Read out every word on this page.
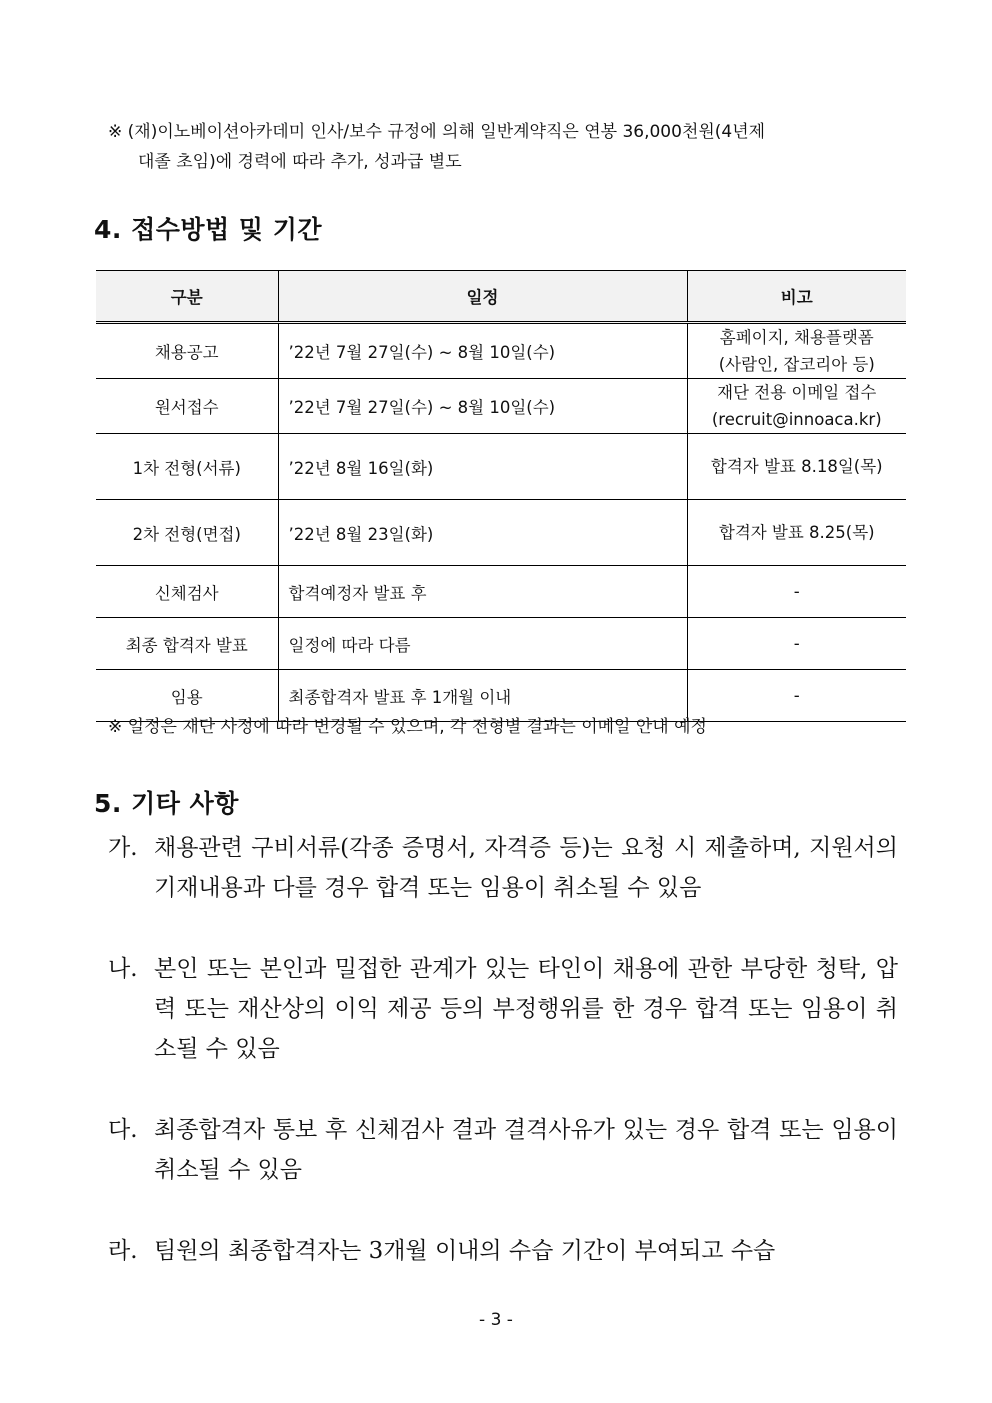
※ (재)이노베이션아카데미 인사/보수 규정에 의해 일반계약직은 연봉 36,000천원(4년제
대졸 초임)에 경력에 따라 추가, 성과급 별도
4. 접수방법 및 기간
구분	일정	비고
채용공고	’22년 7월 27일(수) ~ 8월 10일(수)	홈페이지, 채용플랫폼
(사람인, 잡코리아 등)
원서접수	’22년 7월 27일(수) ~ 8월 10일(수)	재단 전용 이메일 접수
(recruit@innoaca.kr)
1차 전형(서류)	’22년 8월 16일(화)	합격자 발표 8.18일(목)
2차 전형(면접)	’22년 8월 23일(화)	합격자 발표 8.25(목)
신체검사	합격예정자 발표 후	-
최종 합격자 발표	일정에 따라 다름	-
임용	최종합격자 발표 후 1개월 이내	-
※ 일정은 재단 사정에 따라 변경될 수 있으며, 각 전형별 결과는 이메일 안내 예정
5. 기타 사항
가. 채용관련 구비서류(각종 증명서, 자격증 등)는 요청 시 제출하며, 지원서의 기재내용과 다를 경우 합격 또는 임용이 취소될 수 있음
나. 본인 또는 본인과 밀접한 관계가 있는 타인이 채용에 관한 부당한 청탁, 압력 또는 재산상의 이익 제공 등의 부정행위를 한 경우 합격 또는 임용이 취소될 수 있음
다. 최종합격자 통보 후 신체검사 결과 결격사유가 있는 경우 합격 또는 임용이 취소될 수 있음
라. 팀원의 최종합격자는 3개월 이내의 수습 기간이 부여되고 수습
- 3 -
